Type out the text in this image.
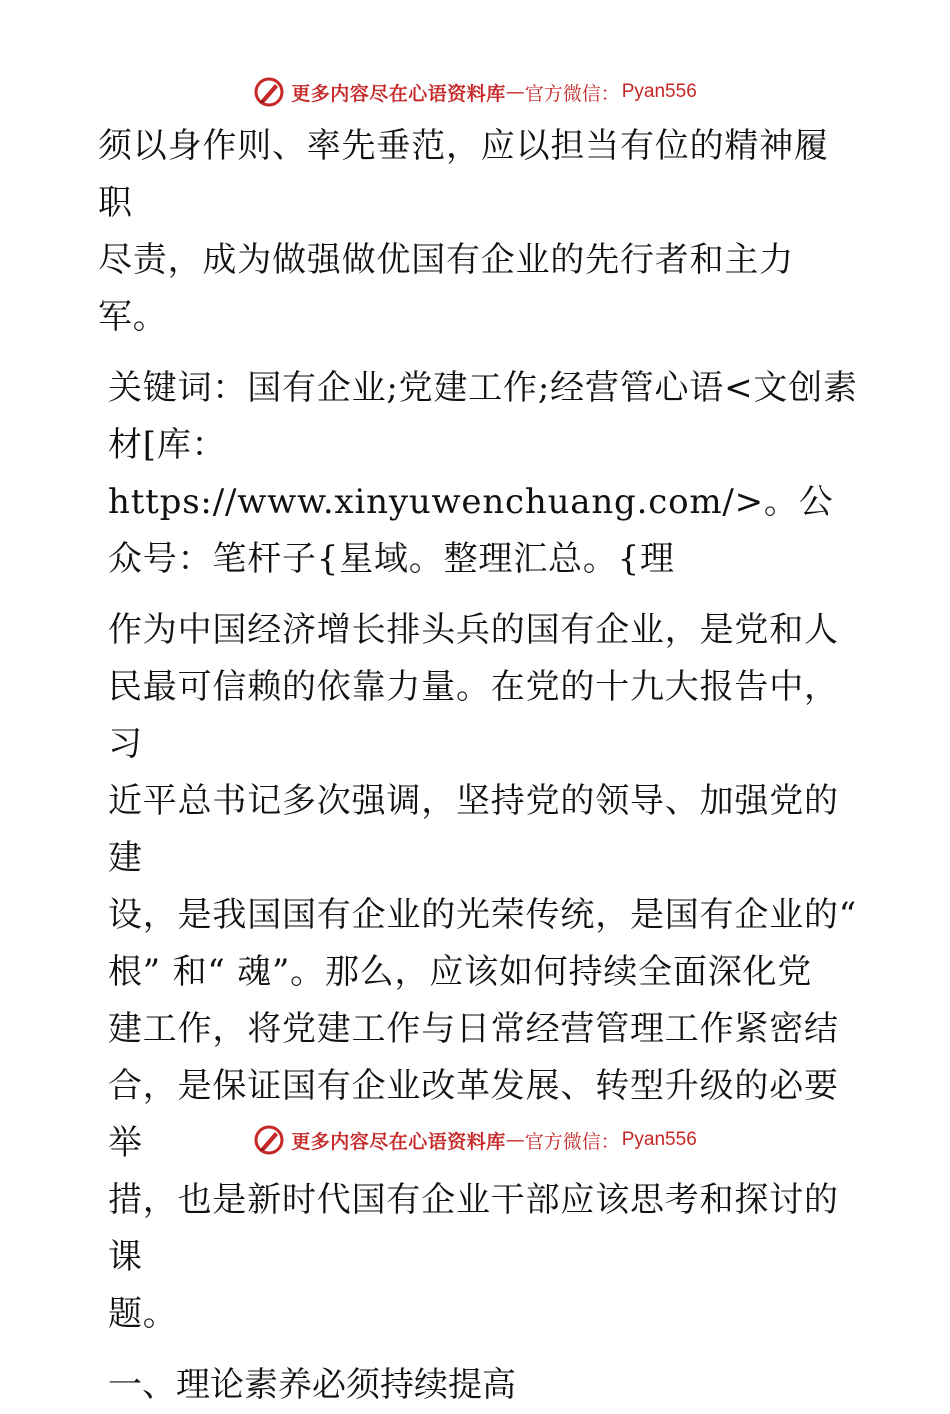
更多内容尽在心语资料库 — 官方微信： Pyan556

须以身作则、率先垂范，应以担当有位的精神履职
尽责，成为做强做优国有企业的先行者和主力军。

关键词：国有企业;党建工作;经营管心语<文创素
材[库：https://www.xinyuwenchuang.com/>。公
众号：笔杆子{星域。整理汇总。{理

作为中国经济增长排头兵的国有企业，是党和人
民最可信赖的依靠力量。在党的十九大报告中，习
近平总书记多次强调，坚持党的领导、加强党的建
设，是我国国有企业的光荣传统，是国有企业的“
根” 和“ 魂”。那么，应该如何持续全面深化党
建工作，将党建工作与日常经营管理工作紧密结
合，是保证国有企业改革发展、转型升级的必要举
措，也是新时代国有企业干部应该思考和探讨的课
题。

一、理论素养必须持续提高
更多内容尽在心语资料库 — 官方微信： Pyan556
